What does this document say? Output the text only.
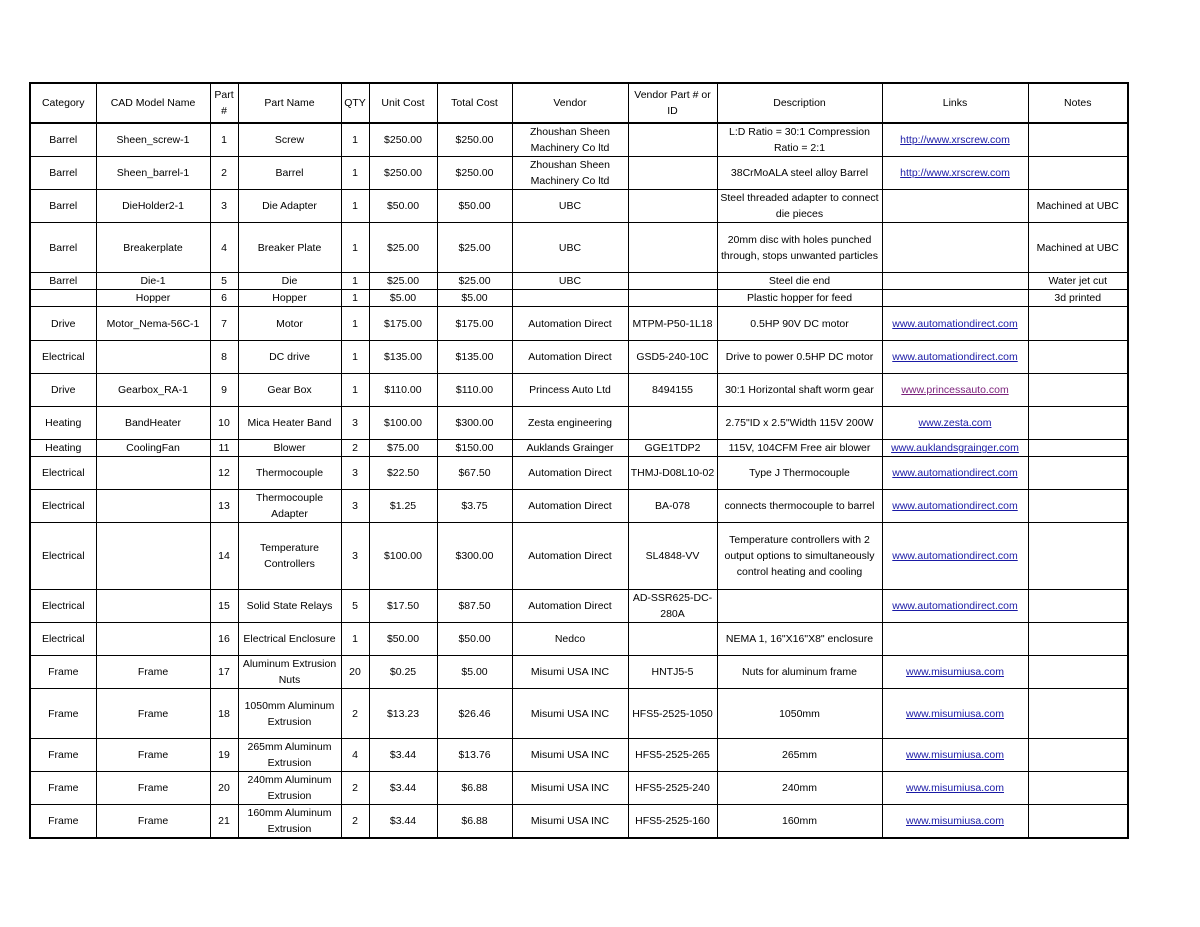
Category	CAD Model Name	Part #	Part Name	QTY	Unit Cost	Total Cost	Vendor	Vendor Part # or ID	Description	Links	Notes
Barrel	Sheen_screw-1	1	Screw	1	$250.00	$250.00	Zhoushan Sheen Machinery Co ltd		L:D Ratio = 30:1 Compression Ratio = 2:1	http://www.xrscrew.com	
Barrel	Sheen_barrel-1	2	Barrel	1	$250.00	$250.00	Zhoushan Sheen Machinery Co ltd		38CrMoALA steel alloy Barrel	http://www.xrscrew.com	
Barrel	DieHolder2-1	3	Die Adapter	1	$50.00	$50.00	UBC		Steel threaded adapter to connect die pieces		Machined at UBC
Barrel	Breakerplate	4	Breaker Plate	1	$25.00	$25.00	UBC		20mm disc with holes punched through, stops unwanted particles		Machined at UBC
Barrel	Die-1	5	Die	1	$25.00	$25.00	UBC		Steel die end		Water jet cut
	Hopper	6	Hopper	1	$5.00	$5.00			Plastic hopper for feed		3d printed
Drive	Motor_Nema-56C-1	7	Motor	1	$175.00	$175.00	Automation Direct	MTPM-P50-1L18	0.5HP 90V DC motor	www.automationdirect.com	
Electrical		8	DC drive	1	$135.00	$135.00	Automation Direct	GSD5-240-10C	Drive to power 0.5HP DC motor	www.automationdirect.com	
Drive	Gearbox_RA-1	9	Gear Box	1	$110.00	$110.00	Princess Auto Ltd	8494155	30:1 Horizontal shaft worm gear	www.princessauto.com	
Heating	BandHeater	10	Mica Heater Band	3	$100.00	$300.00	Zesta engineering		2.75"ID x 2.5"Width 115V 200W	www.zesta.com	
Heating	CoolingFan	11	Blower	2	$75.00	$150.00	Auklands Grainger	GGE1TDP2	115V, 104CFM Free air blower	www.auklandsgrainger.com	
Electrical		12	Thermocouple	3	$22.50	$67.50	Automation Direct	THMJ-D08L10-02	Type J Thermocouple	www.automationdirect.com	
Electrical		13	Thermocouple Adapter	3	$1.25	$3.75	Automation Direct	BA-078	connects thermocouple to barrel	www.automationdirect.com	
Electrical		14	Temperature Controllers	3	$100.00	$300.00	Automation Direct	SL4848-VV	Temperature controllers with 2 output options to simultaneously control heating and cooling	www.automationdirect.com	
Electrical		15	Solid State Relays	5	$17.50	$87.50	Automation Direct	AD-SSR625-DC-280A		www.automationdirect.com	
Electrical		16	Electrical Enclosure	1	$50.00	$50.00	Nedco		NEMA 1, 16"X16"X8" enclosure		
Frame	Frame	17	Aluminum Extrusion Nuts	20	$0.25	$5.00	Misumi USA INC	HNTJ5-5	Nuts for aluminum frame	www.misumiusa.com	
Frame	Frame	18	1050mm Aluminum Extrusion	2	$13.23	$26.46	Misumi USA INC	HFS5-2525-1050	1050mm	www.misumiusa.com	
Frame	Frame	19	265mm Aluminum Extrusion	4	$3.44	$13.76	Misumi USA INC	HFS5-2525-265	265mm	www.misumiusa.com	
Frame	Frame	20	240mm Aluminum Extrusion	2	$3.44	$6.88	Misumi USA INC	HFS5-2525-240	240mm	www.misumiusa.com	
Frame	Frame	21	160mm Aluminum Extrusion	2	$3.44	$6.88	Misumi USA INC	HFS5-2525-160	160mm	www.misumiusa.com	
